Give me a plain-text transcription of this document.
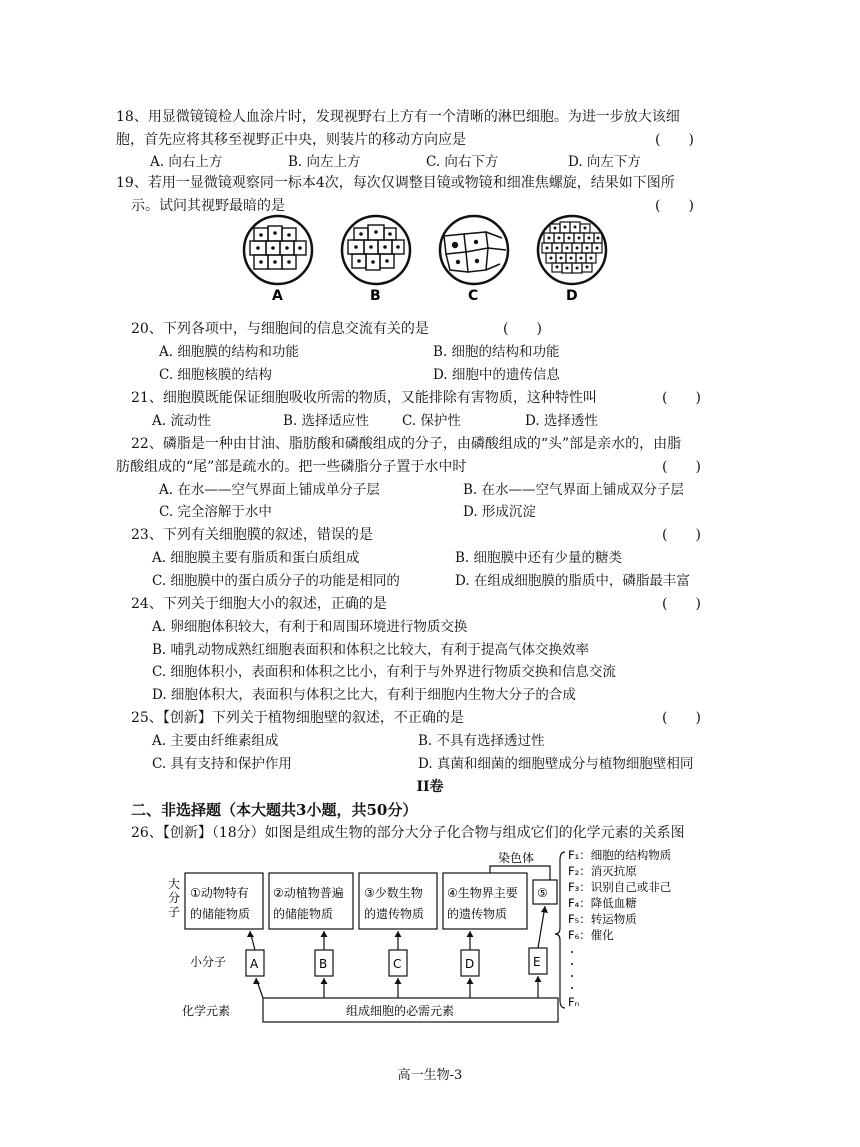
18、用显微镜镜检人血涂片时，发现视野右上方有一个清晰的淋巴细胞。为进一步放大该细
胞，首先应将其移至视野正中央，则装片的移动方向应是	(　　)
A. 向右上方	B. 向左上方	C. 向右下方	D. 向左下方
19、若用一显微镜观察同一标本4次，每次仅调整目镜或物镜和细准焦螺旋，结果如下图所
示。试问其视野最暗的是	(　　)
A	B	C	D
20、下列各项中，与细胞间的信息交流有关的是	(　　)
A. 细胞膜的结构和功能	B. 细胞的结构和功能
C. 细胞核膜的结构	D. 细胞中的遗传信息
21、细胞膜既能保证细胞吸收所需的物质，又能排除有害物质，这种特性叫	(　　)
A. 流动性	B. 选择适应性 C. 保护性	D. 选择透性
22、磷脂是一种由甘油、脂肪酸和磷酸组成的分子，由磷酸组成的“头”部是亲水的，由脂
肪酸组成的“尾”部是疏水的。把一些磷脂分子置于水中时	(　　)
A. 在水——空气界面上铺成单分子层	B. 在水——空气界面上铺成双分子层
C. 完全溶解于水中	D. 形成沉淀
23、下列有关细胞膜的叙述，错误的是	(　　)
A. 细胞膜主要有脂质和蛋白质组成	B. 细胞膜中还有少量的糖类
C. 细胞膜中的蛋白质分子的功能是相同的	D. 在组成细胞膜的脂质中，磷脂最丰富
24、下列关于细胞大小的叙述，正确的是	(　　)
A. 卵细胞体积较大，有利于和周围环境进行物质交换
B. 哺乳动物成熟红细胞表面积和体积之比较大，有利于提高气体交换效率
C. 细胞体积小，表面积和体积之比小，有利于与外界进行物质交换和信息交流
D. 细胞体积大，表面积与体积之比大，有利于细胞内生物大分子的合成
25、【创新】下列关于植物细胞壁的叙述，不正确的是	(　　)
A. 主要由纤维素组成	B. 不具有选择透过性
C. 具有支持和保护作用	D. 真菌和细菌的细胞壁成分与植物细胞壁相同
II卷
二、非选择题（本大题共3小题，共50分）
26、【创新】（18分）如图是组成生物的部分大分子化合物与组成它们的化学元素的关系图
大分子
小分子
化学元素	组成细胞的必需元素
染色体
①动物特有
的储能物质
②动植物普遍
的储能物质
③少数生物
的遗传物质
④生物界主要
的遗传物质
⑤
A	B	C	D	E
F₁：细胞的结构物质
F₂：消灭抗原
F₃：识别自己或非己
F₄：降低血糖
F₅：转运物质
F₆：催化
Fₙ
高一生物-3
